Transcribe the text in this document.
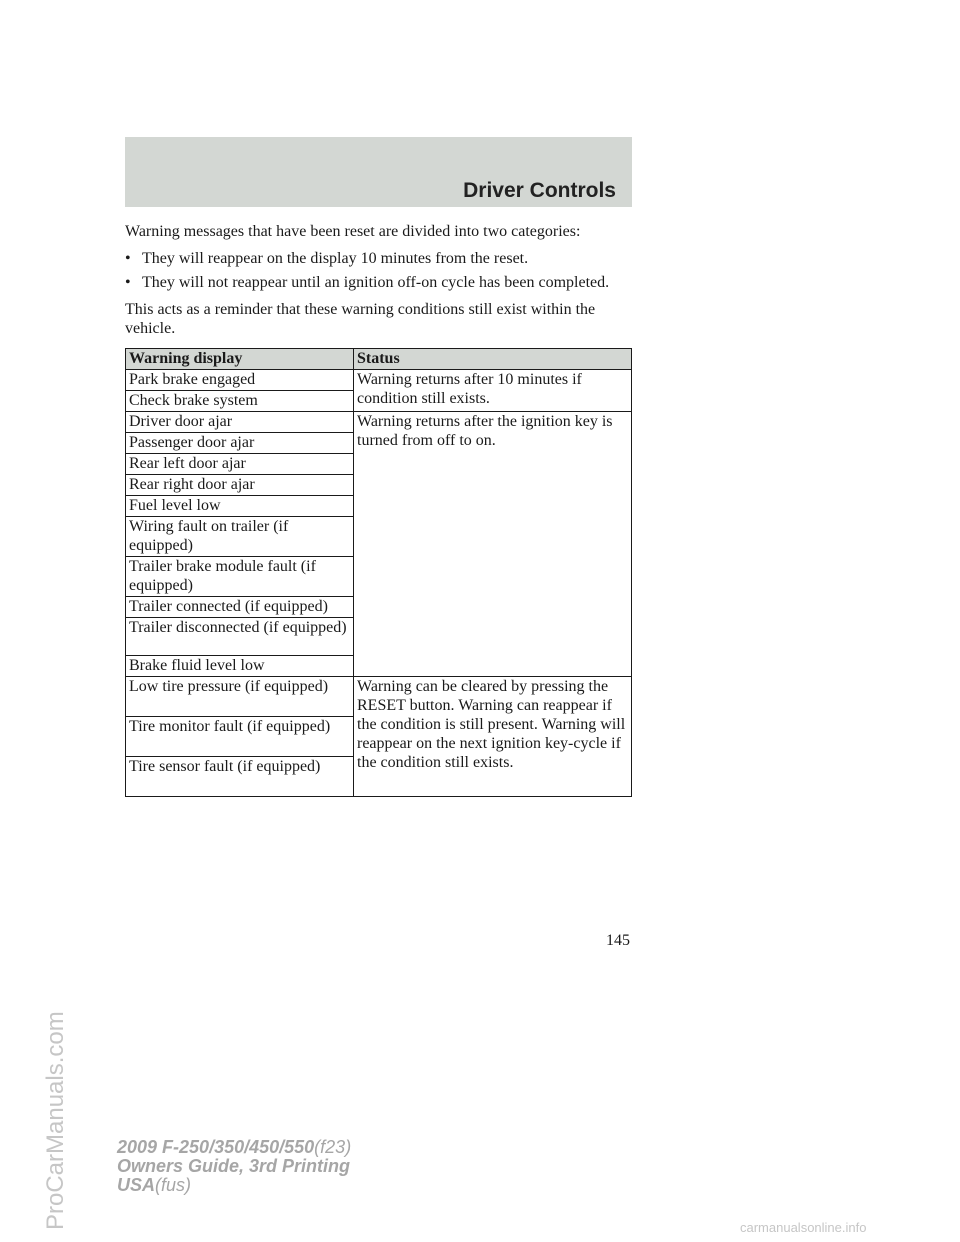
Driver Controls

Warning messages that have been reset are divided into two categories:

• They will reappear on the display 10 minutes from the reset.
• They will not reappear until an ignition off-on cycle has been completed.

This acts as a reminder that these warning conditions still exist within the vehicle.

Warning display	Status
Park brake engaged	Warning returns after 10 minutes if condition still exists.
Check brake system	
Driver door ajar	Warning returns after the ignition key is turned from off to on.
Passenger door ajar	
Rear left door ajar	
Rear right door ajar	
Fuel level low	
Wiring fault on trailer (if equipped)	
Trailer brake module fault (if equipped)	
Trailer connected (if equipped)	
Trailer disconnected (if equipped)	
Brake fluid level low	
Low tire pressure (if equipped)	Warning can be cleared by pressing the RESET button. Warning can reappear if the condition is still present. Warning will reappear on the next ignition key-cycle if the condition still exists.
Tire monitor fault (if equipped)	
Tire sensor fault (if equipped)	
145
2009 F-250/350/450/550(f23)
Owners Guide, 3rd Printing
USA(fus)
ProCarManuals.com	carmanualsonline.info
